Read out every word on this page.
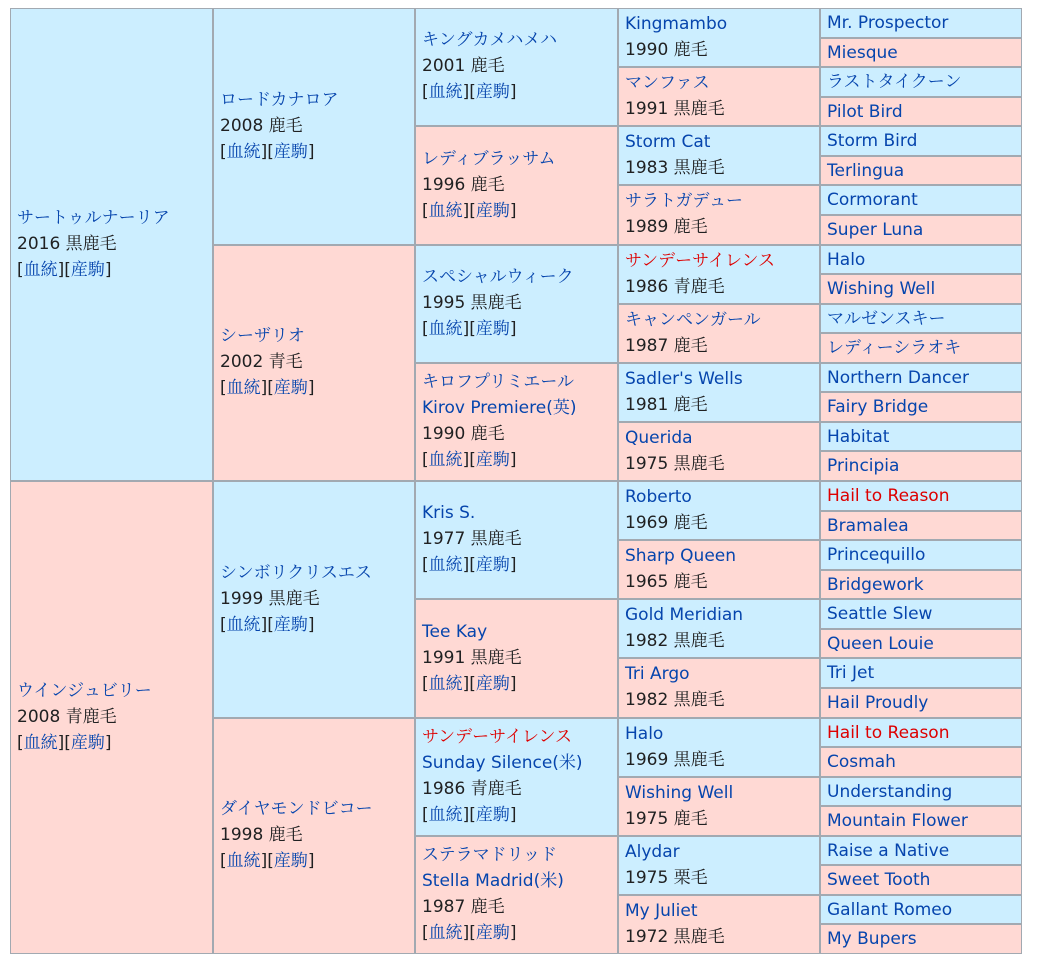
サートゥルナーリア
2016 黒鹿毛
[血統][産駒]
ウインジュビリー
2008 青鹿毛
[血統][産駒]
ロードカナロア
2008 鹿毛
[血統][産駒]
シーザリオ
2002 青毛
[血統][産駒]
シンボリクリスエス
1999 黒鹿毛
[血統][産駒]
ダイヤモンドビコー
1998 鹿毛
[血統][産駒]
キングカメハメハ
2001 鹿毛
[血統][産駒]
レディブラッサム
1996 鹿毛
[血統][産駒]
スペシャルウィーク
1995 黒鹿毛
[血統][産駒]
キロフプリミエール
Kirov Premiere(英)
1990 鹿毛
[血統][産駒]
Kris S.
1977 黒鹿毛
[血統][産駒]
Tee Kay
1991 黒鹿毛
[血統][産駒]
サンデーサイレンス
Sunday Silence(米)
1986 青鹿毛
[血統][産駒]
ステラマドリッド
Stella Madrid(米)
1987 鹿毛
[血統][産駒]
Kingmambo
1990 鹿毛
マンファス
1991 黒鹿毛
Storm Cat
1983 黒鹿毛
サラトガデュー
1989 鹿毛
サンデーサイレンス
1986 青鹿毛
キャンペンガール
1987 鹿毛
Sadler's Wells
1981 鹿毛
Querida
1975 黒鹿毛
Roberto
1969 鹿毛
Sharp Queen
1965 鹿毛
Gold Meridian
1982 黒鹿毛
Tri Argo
1982 黒鹿毛
Halo
1969 黒鹿毛
Wishing Well
1975 鹿毛
Alydar
1975 栗毛
My Juliet
1972 黒鹿毛
Mr. Prospector
Miesque
ラストタイクーン
Pilot Bird
Storm Bird
Terlingua
Cormorant
Super Luna
Halo
Wishing Well
マルゼンスキー
レディーシラオキ
Northern Dancer
Fairy Bridge
Habitat
Principia
Hail to Reason
Bramalea
Princequillo
Bridgework
Seattle Slew
Queen Louie
Tri Jet
Hail Proudly
Hail to Reason
Cosmah
Understanding
Mountain Flower
Raise a Native
Sweet Tooth
Gallant Romeo
My Bupers
